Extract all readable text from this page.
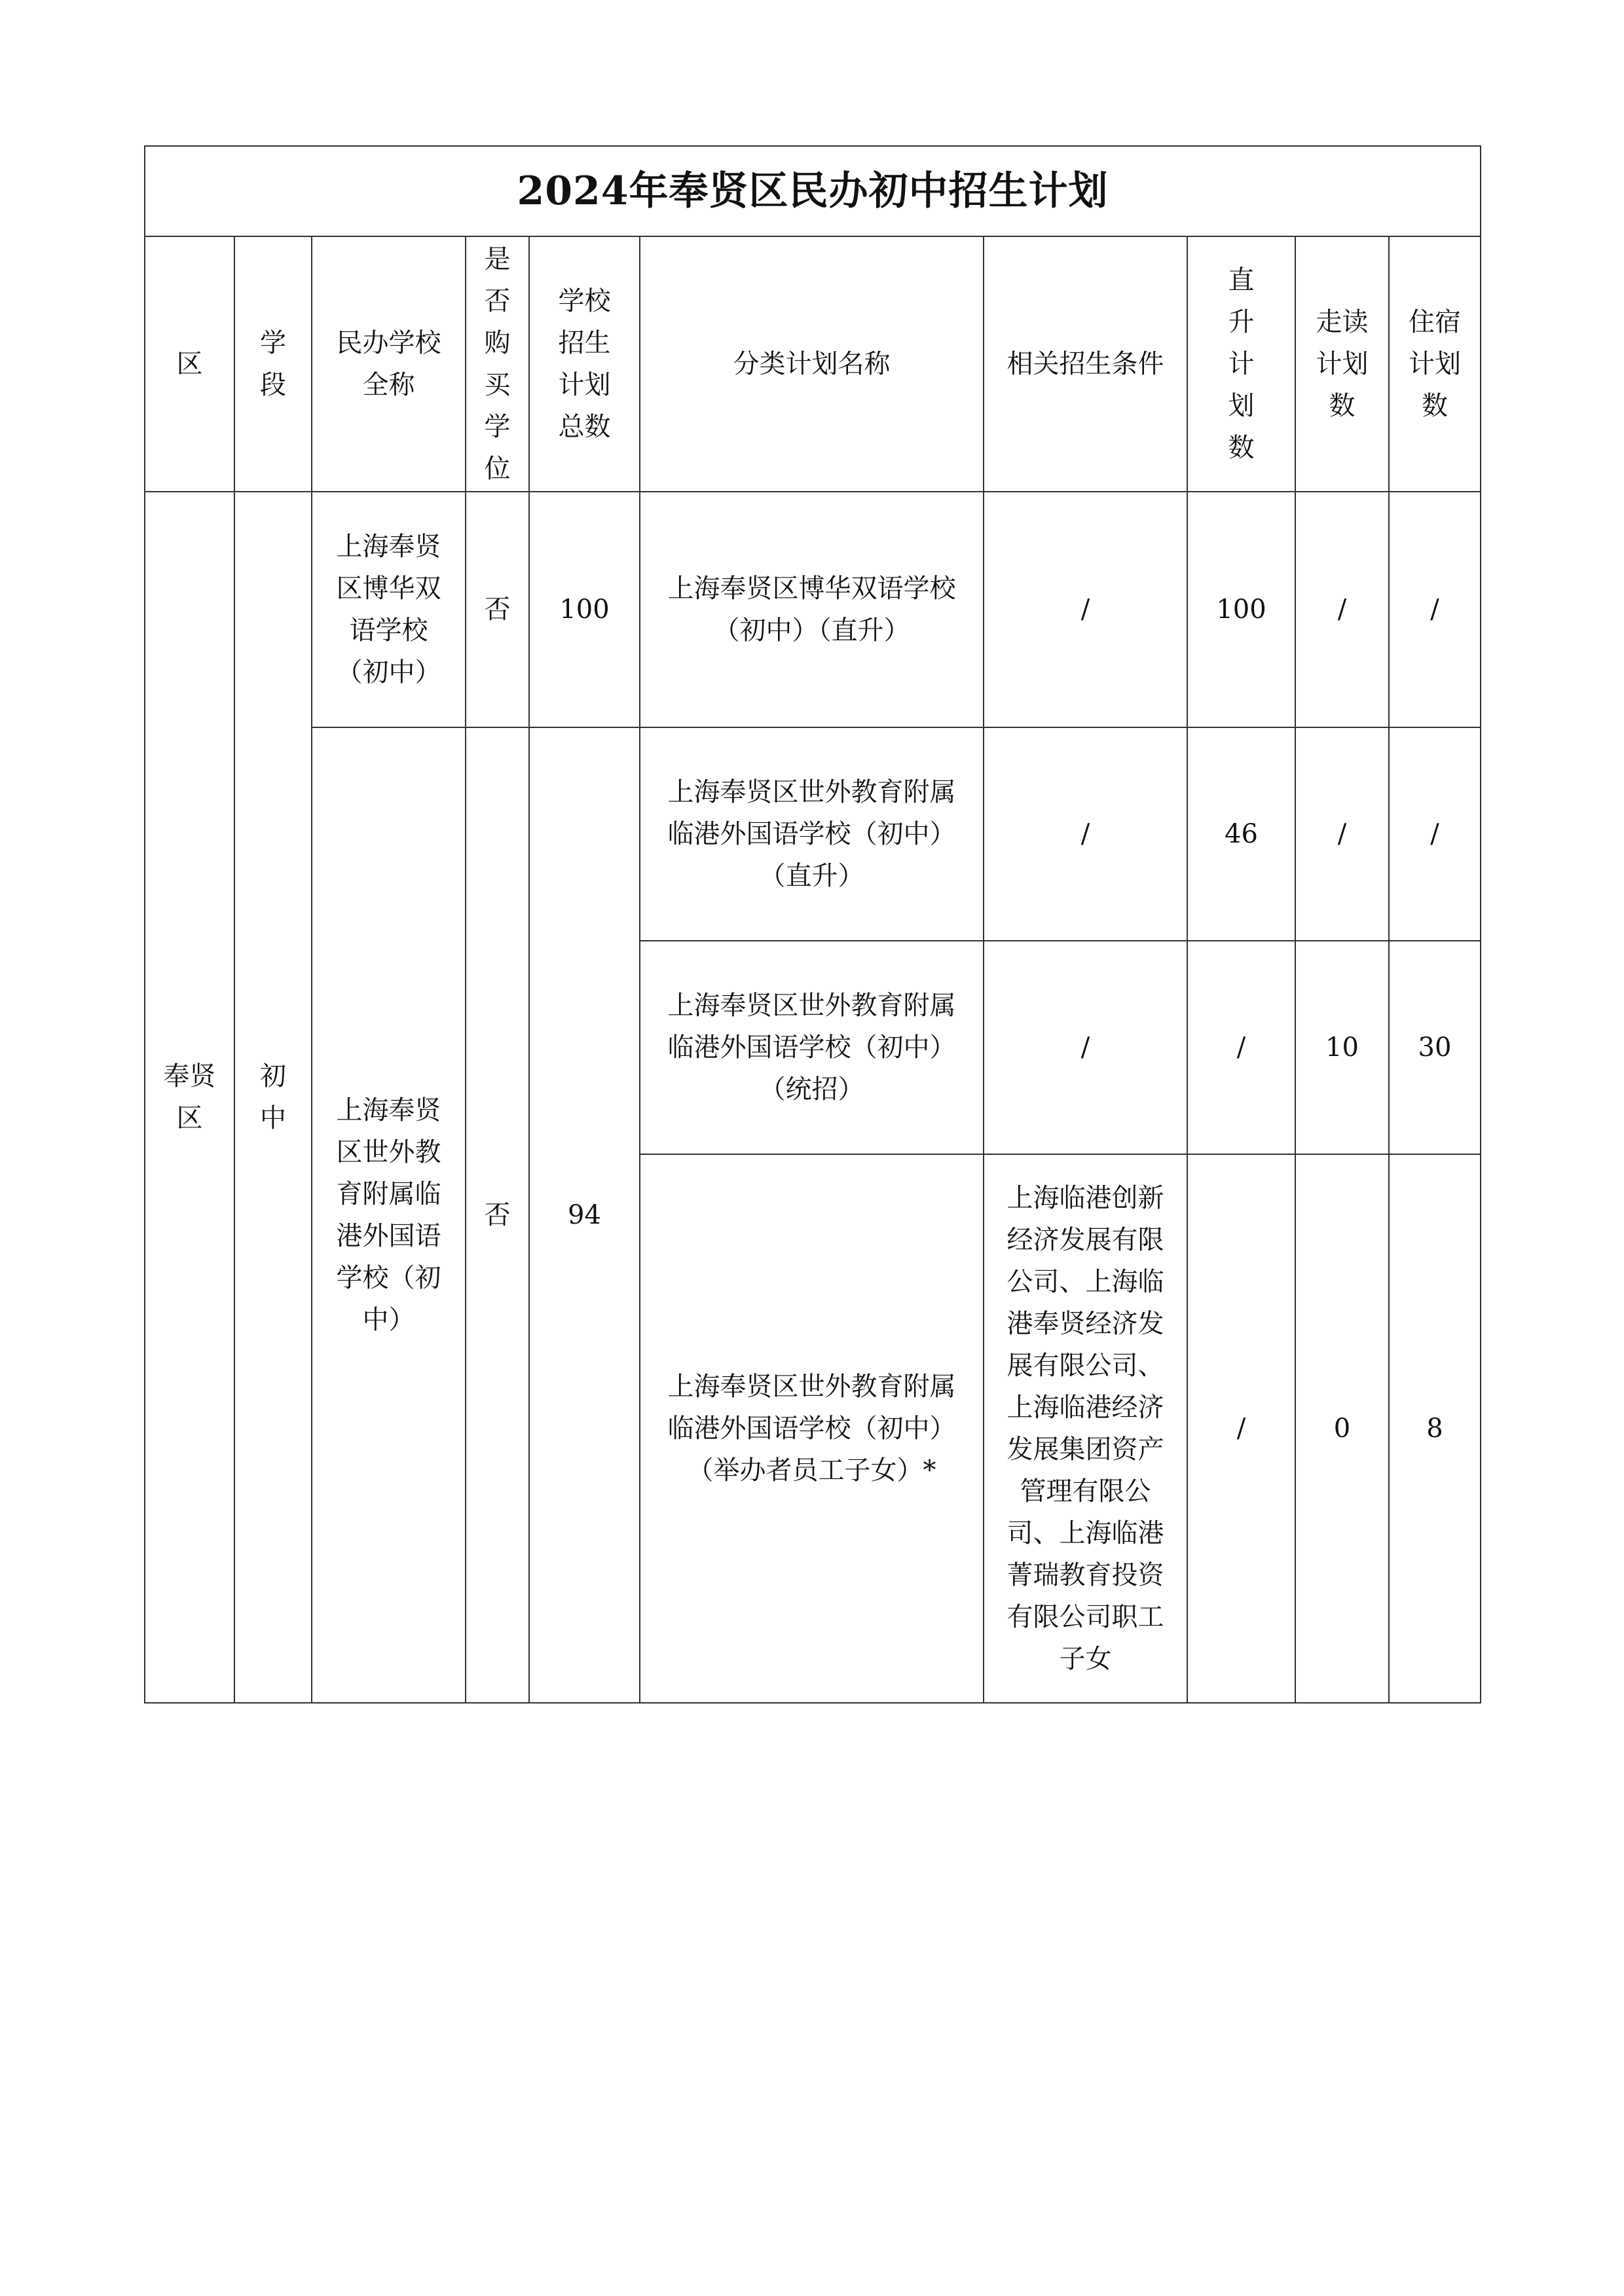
2024年奉贤区民办初中招生计划									
区	学段	民办学校全称	是否购买学位	学校招生计划总数	分类计划名称	相关招生条件	直升计划数	走读计划数	住宿计划数
奉贤区	初中	上海奉贤区博华双语学校（初中）	否	100	上海奉贤区博华双语学校（初中）（直升）	/	100	/	/
		上海奉贤区世外教育附属临港外国语学校（初中）	否	94	上海奉贤区世外教育附属临港外国语学校（初中）（直升）	/	46	/	/
					上海奉贤区世外教育附属临港外国语学校（初中）（统招）	/	/	10	30
					上海奉贤区世外教育附属临港外国语学校（初中）（举办者员工子女）*	上海临港创新经济发展有限公司、上海临港奉贤经济发展有限公司、上海临港经济发展集团资产管理有限公司、上海临港菁瑞教育投资有限公司职工子女	/	0	8
